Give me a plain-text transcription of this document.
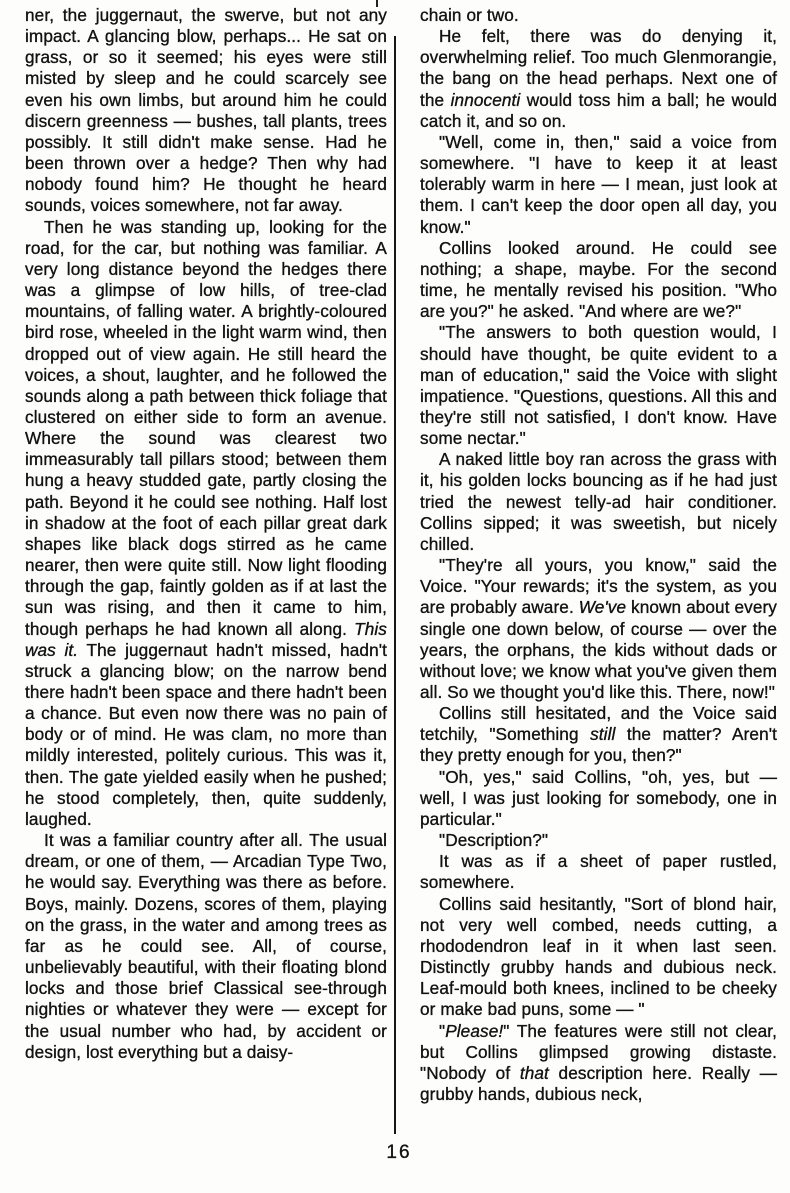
ner, the juggernaut, the swerve, but not any impact. A glancing blow, perhaps... He sat on grass, or so it seemed; his eyes were still misted by sleep and he could scarcely see even his own limbs, but around him he could discern greenness — bushes, tall plants, trees possibly. It still didn't make sense. Had he been thrown over a hedge? Then why had nobody found him? He thought he heard sounds, voices somewhere, not far away.

Then he was standing up, looking for the road, for the car, but nothing was familiar. A very long distance beyond the hedges there was a glimpse of low hills, of tree-clad mountains, of falling water. A brightly-coloured bird rose, wheeled in the light warm wind, then dropped out of view again. He still heard the voices, a shout, laughter, and he followed the sounds along a path between thick foliage that clustered on either side to form an avenue. Where the sound was clearest two immeasurably tall pillars stood; between them hung a heavy studded gate, partly closing the path. Beyond it he could see nothing. Half lost in shadow at the foot of each pillar great dark shapes like black dogs stirred as he came nearer, then were quite still. Now light flooding through the gap, faintly golden as if at last the sun was rising, and then it came to him, though perhaps he had known all along. This was it. The juggernaut hadn't missed, hadn't struck a glancing blow; on the narrow bend there hadn't been space and there hadn't been a chance. But even now there was no pain of body or of mind. He was clam, no more than mildly interested, politely curious. This was it, then. The gate yielded easily when he pushed; he stood completely, then, quite suddenly, laughed.

It was a familiar country after all. The usual dream, or one of them, — Arcadian Type Two, he would say. Everything was there as before. Boys, mainly. Dozens, scores of them, playing on the grass, in the water and among trees as far as he could see. All, of course, unbelievably beautiful, with their floating blond locks and those brief Classical see-through nighties or whatever they were — except for the usual number who had, by accident or design, lost everything but a daisy-

chain or two.

He felt, there was do denying it, overwhelming relief. Too much Glenmorangie, the bang on the head perhaps. Next one of the innocenti would toss him a ball; he would catch it, and so on.

"Well, come in, then," said a voice from somewhere. "I have to keep it at least tolerably warm in here — I mean, just look at them. I can't keep the door open all day, you know."

Collins looked around. He could see nothing; a shape, maybe. For the second time, he mentally revised his position. "Who are you?" he asked. "And where are we?"

"The answers to both question would, I should have thought, be quite evident to a man of education," said the Voice with slight impatience. "Questions, questions. All this and they're still not satisfied, I don't know. Have some nectar."

A naked little boy ran across the grass with it, his golden locks bouncing as if he had just tried the newest telly-ad hair conditioner. Collins sipped; it was sweetish, but nicely chilled.

"They're all yours, you know," said the Voice. "Your rewards; it's the system, as you are probably aware. We've known about every single one down below, of course — over the years, the orphans, the kids without dads or without love; we know what you've given them all. So we thought you'd like this. There, now!"

Collins still hesitated, and the Voice said tetchily, "Something still the matter? Aren't they pretty enough for you, then?"

"Oh, yes," said Collins, "oh, yes, but — well, I was just looking for somebody, one in particular."

"Description?"

It was as if a sheet of paper rustled, somewhere.

Collins said hesitantly, "Sort of blond hair, not very well combed, needs cutting, a rhododendron leaf in it when last seen. Distinctly grubby hands and dubious neck. Leaf-mould both knees, inclined to be cheeky or make bad puns, some — "

"Please!" The features were still not clear, but Collins glimpsed growing distaste. "Nobody of that description here. Really — grubby hands, dubious neck,

16
